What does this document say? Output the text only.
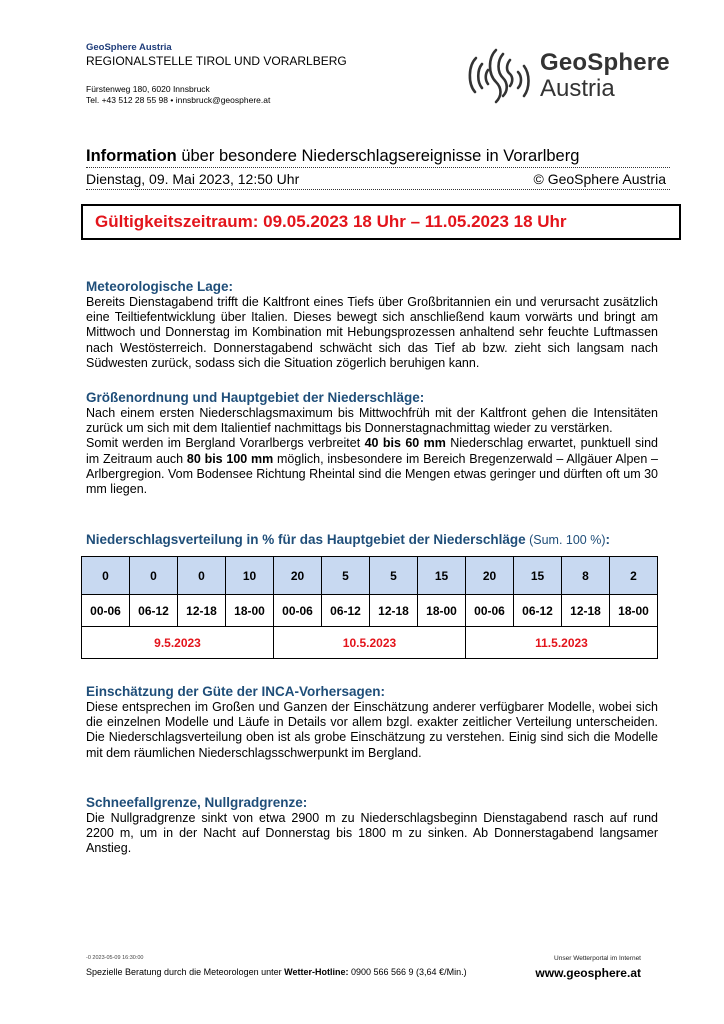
GeoSphere Austria
REGIONALSTELLE TIROL UND VORARLBERG
Fürstenweg 180, 6020 Innsbruck
Tel. +43 512 28 55 98 • innsbruck@geosphere.at
GeoSphere
Austria
Information über besondere Niederschlagsereignisse in Vorarlberg
Dienstag, 09. Mai 2023, 12:50 Uhr	© GeoSphere Austria
Gültigkeitszeitraum: 09.05.2023 18 Uhr – 11.05.2023 18 Uhr
Meteorologische Lage:

Bereits Dienstagabend trifft die Kaltfront eines Tiefs über Großbritannien ein und verursacht zusätzlich eine Teiltiefentwicklung über Italien. Dieses bewegt sich anschließend kaum vorwärts und bringt am Mittwoch und Donnerstag im Kombination mit Hebungsprozessen anhaltend sehr feuchte Luftmassen nach Westösterreich. Donnerstagabend schwächt sich das Tief ab bzw. zieht sich langsam nach Südwesten zurück, sodass sich die Situation zögerlich beruhigen kann.

Größenordnung und Hauptgebiet der Niederschläge:

Nach einem ersten Niederschlagsmaximum bis Mittwochfrüh mit der Kaltfront gehen die Intensitäten zurück um sich mit dem Italientief nachmittags bis Donnerstagnachmittag wieder zu verstärken.

Somit werden im Bergland Vorarlbergs verbreitet 40 bis 60 mm Niederschlag erwartet, punktuell sind im Zeitraum auch 80 bis 100 mm möglich, insbesondere im Bereich Bregenzerwald – Allgäuer Alpen – Arlbergregion. Vom Bodensee Richtung Rheintal sind die Mengen etwas geringer und dürften oft um 30 mm liegen.

Niederschlagsverteilung in % für das Hauptgebiet der Niederschläge (Sum. 100 %):
0	0	0	10	20	5	5	15	20	15	8	2
00-06	06-12	12-18	18-00	00-06	06-12	12-18	18-00	00-06	06-12	12-18	18-00
9.5.2023				10.5.2023				11.5.2023			
Einschätzung der Güte der INCA-Vorhersagen:

Diese entsprechen im Großen und Ganzen der Einschätzung anderer verfügbarer Modelle, wobei sich die einzelnen Modelle und Läufe in Details vor allem bzgl. exakter zeitlicher Verteilung unterscheiden. Die Niederschlagsverteilung oben ist als grobe Einschätzung zu verstehen. Einig sind sich die Modelle mit dem räumlichen Niederschlagsschwerpunkt im Bergland.

Schneefallgrenze, Nullgradgrenze:

Die Nullgradgrenze sinkt von etwa 2900 m zu Niederschlagsbeginn Dienstagabend rasch auf rund 2200 m, um in der Nacht auf Donnerstag bis 1800 m zu sinken. Ab Donnerstagabend langsamer Anstieg.

-0 2023-05-09 16:30:00
Spezielle Beratung durch die Meteorologen unter Wetter-Hotline: 0900 566 566 9 (3,64 €/Min.)
Unser Wetterportal im Internet
www.geosphere.at
